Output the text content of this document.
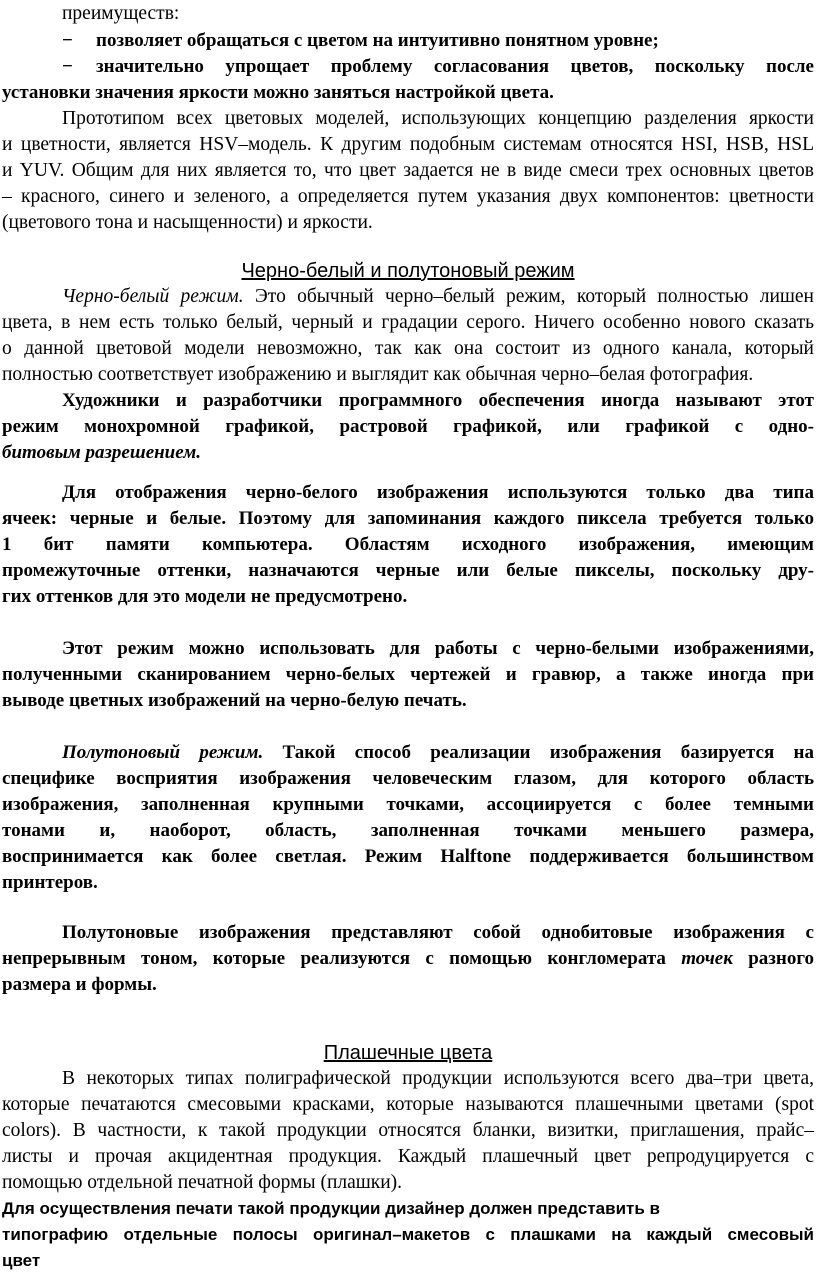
преимуществ:
− позволяет обращаться с цветом на интуитивно понятном уровне;
− значительно упрощает проблему согласования цветов, поскольку после
установки значения яркости можно заняться настройкой цвета.
Прототипом всех цветовых моделей, использующих концепцию разделения яркости
и цветности, является HSV–модель. К другим подобным системам относятся HSI, HSB, HSL
и YUV. Общим для них является то, что цвет задается не в виде смеси трех основных цветов
– красного, синего и зеленого, а определяется путем указания двух компонентов: цветности
(цветового тона и насыщенности) и яркости.
Черно-белый и полутоновый режим
Черно-белый режим. Это обычный черно–белый режим, который полностью лишен
цвета, в нем есть только белый, черный и градации серого. Ничего особенно нового сказать
о данной цветовой модели невозможно, так как она состоит из одного канала, который
полностью соответствует изображению и выглядит как обычная черно–белая фотография.
Художники и разработчики программного обеспечения иногда называют этот
режим монохромной графикой, растровой графикой, или графикой с одно-
битовым разрешением.
Для отображения черно-белого изображения используются только два типа
ячеек: черные и белые. Поэтому для запоминания каждого пиксела требуется только
1 бит памяти компьютера. Областям исходного изображения, имеющим
промежуточные оттенки, назначаются черные или белые пикселы, поскольку дру-
гих оттенков для это модели не предусмотрено.
Этот режим можно использовать для работы с черно-белыми изображениями,
полученными сканированием черно-белых чертежей и гравюр, а также иногда при
выводе цветных изображений на черно-белую печать.
Полутоновый режим. Такой способ реализации изображения базируется на
специфике восприятия изображения человеческим глазом, для которого область
изображения, заполненная крупными точками, ассоциируется с более темными
тонами и, наоборот, область, заполненная точками меньшего размера,
воспринимается как более светлая. Режим Halftone поддерживается большинством
принтеров.
Полутоновые изображения представляют собой однобитовые изображения с
непрерывным тоном, которые реализуются с помощью конгломерата точек разного
размера и формы.
Плашечные цвета
В некоторых типах полиграфической продукции используются всего два–три цвета,
которые печатаются смесовыми красками, которые называются плашечными цветами (spot
colors). В частности, к такой продукции относятся бланки, визитки, приглашения, прайс–
листы и прочая акцидентная продукция. Каждый плашечный цвет репродуцируется с
помощью отдельной печатной формы (плашки).
Для осуществления печати такой продукции дизайнер должен представить в
типографию отдельные полосы оригинал–макетов с плашками на каждый смесовый
цвет
